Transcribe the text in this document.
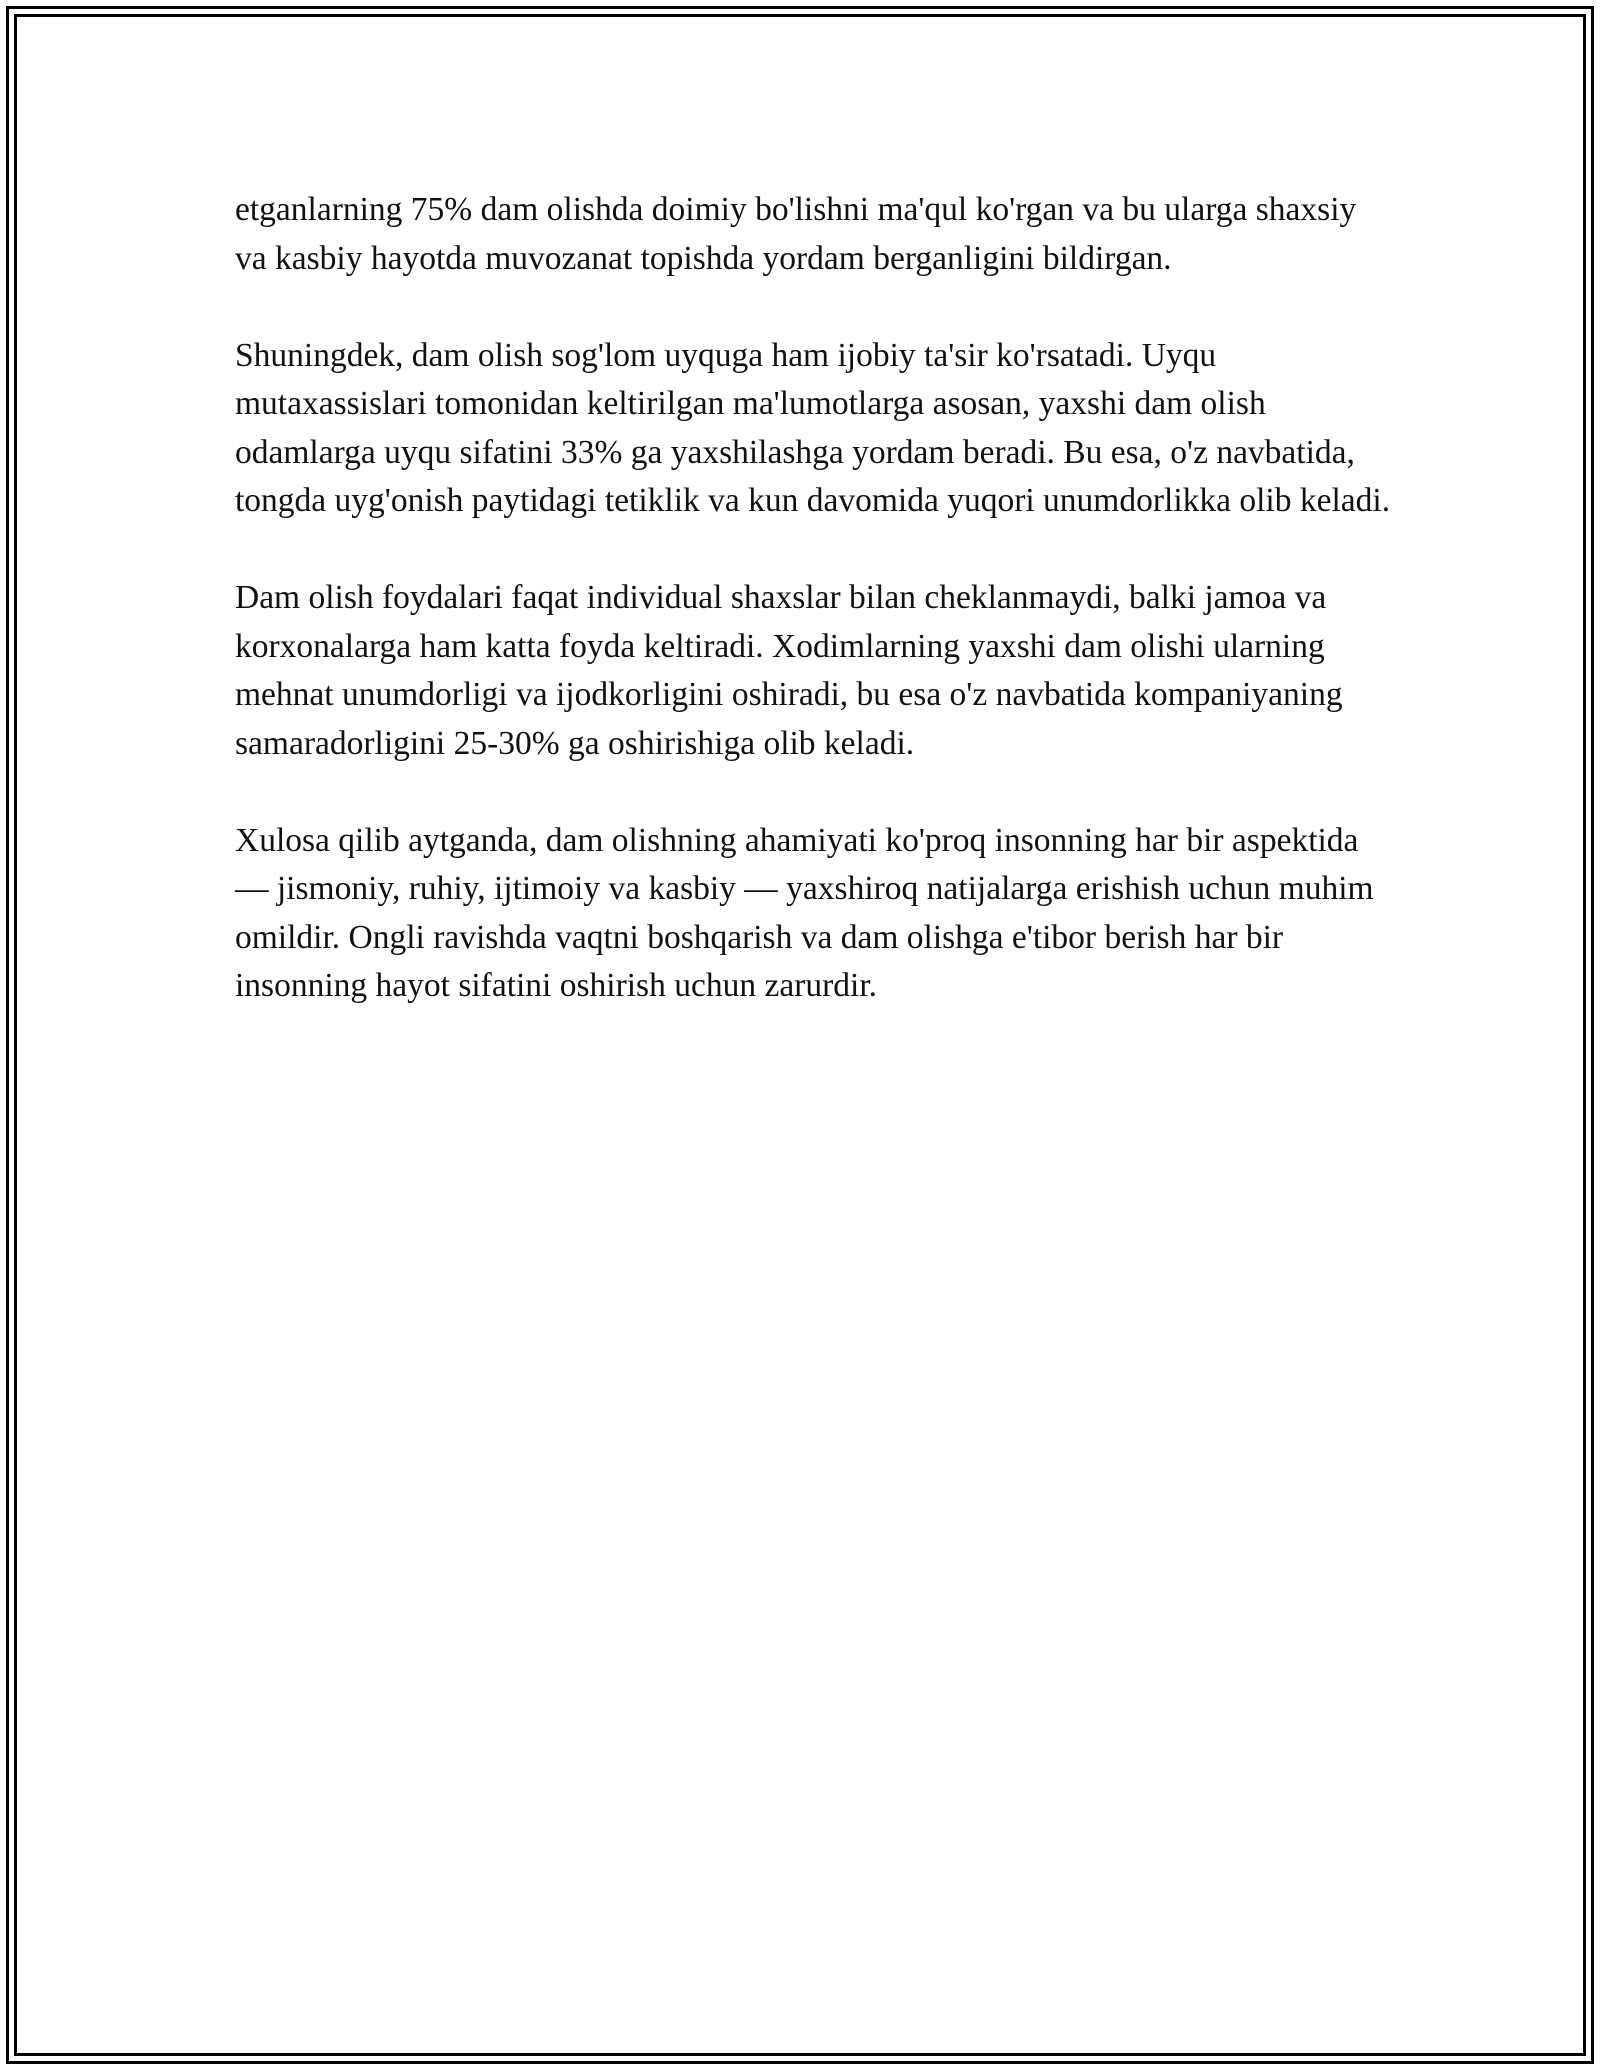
etganlarning 75% dam olishda doimiy bo'lishni ma'qul ko'rgan va bu ularga shaxsiy va kasbiy hayotda muvozanat topishda yordam berganligini bildirgan.

Shuningdek, dam olish sog'lom uyquga ham ijobiy ta'sir ko'rsatadi. Uyqu mutaxassislari tomonidan keltirilgan ma'lumotlarga asosan, yaxshi dam olish odamlarga uyqu sifatini 33% ga yaxshilashga yordam beradi. Bu esa, o'z navbatida, tongda uyg'onish paytidagi tetiklik va kun davomida yuqori unumdorlikka olib keladi.

Dam olish foydalari faqat individual shaxslar bilan cheklanmaydi, balki jamoa va korxonalarga ham katta foyda keltiradi. Xodimlarning yaxshi dam olishi ularning mehnat unumdorligi va ijodkorligini oshiradi, bu esa o'z navbatida kompaniyaning samaradorligini 25-30% ga oshirishiga olib keladi.

Xulosa qilib aytganda, dam olishning ahamiyati ko'proq insonning har bir aspektida — jismoniy, ruhiy, ijtimoiy va kasbiy — yaxshiroq natijalarga erishish uchun muhim omildir. Ongli ravishda vaqtni boshqarish va dam olishga e'tibor berish har bir insonning hayot sifatini oshirish uchun zarurdir.
